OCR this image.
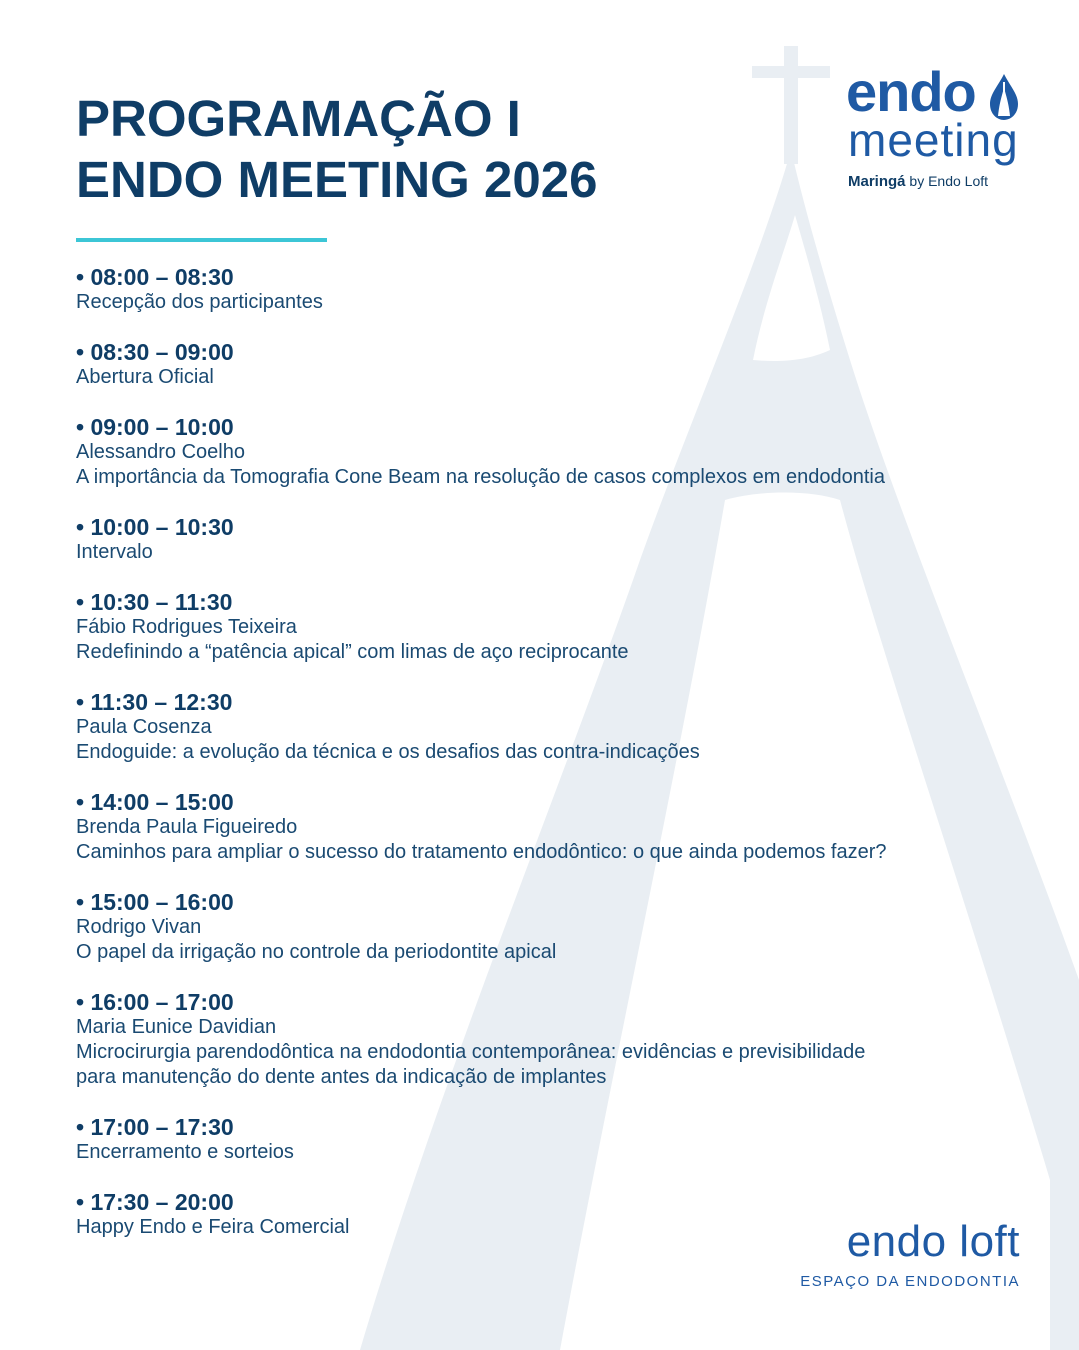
PROGRAMAÇÃO I
ENDO MEETING 2026
endo
meeting
Maringá by Endo Loft
• 08:00 – 08:30
Recepção dos participantes
• 08:30 – 09:00
Abertura Oficial
• 09:00 – 10:00
Alessandro Coelho
A importância da Tomografia Cone Beam na resolução de casos complexos em endodontia
• 10:00 – 10:30
Intervalo
• 10:30 – 11:30
Fábio Rodrigues Teixeira
Redefinindo a “patência apical” com limas de aço reciprocante
• 11:30 – 12:30
Paula Cosenza
Endoguide: a evolução da técnica e os desafios das contra-indicações
• 14:00 – 15:00
Brenda Paula Figueiredo
Caminhos para ampliar o sucesso do tratamento endodôntico: o que ainda podemos fazer?
• 15:00 – 16:00
Rodrigo Vivan
O papel da irrigação no controle da periodontite apical
• 16:00 – 17:00
Maria Eunice Davidian
Microcirurgia parendodôntica na endodontia contemporânea: evidências e previsibilidade
para manutenção do dente antes da indicação de implantes
• 17:00 – 17:30
Encerramento e sorteios
• 17:30 – 20:00
Happy Endo e Feira Comercial	endo loft
ESPAÇO DA ENDODONTIA
